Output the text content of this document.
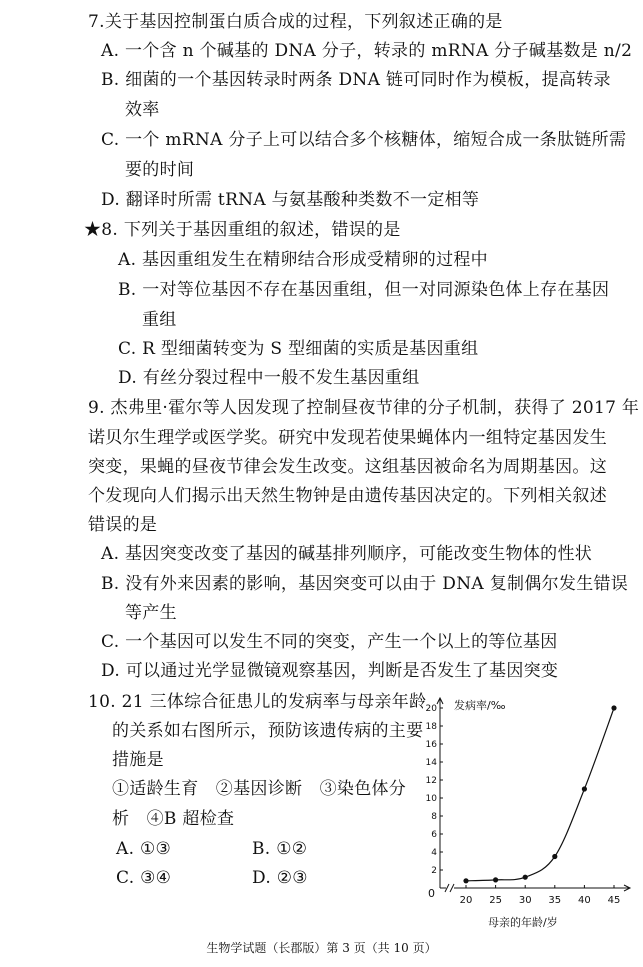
7.关于基因控制蛋白质合成的过程，下列叙述正确的是
A. 一个含 n 个碱基的 DNA 分子，转录的 mRNA 分子碱基数是 n/2
B. 细菌的一个基因转录时两条 DNA 链可同时作为模板，提高转录
效率
C. 一个 mRNA 分子上可以结合多个核糖体，缩短合成一条肽链所需
要的时间
D. 翻译时所需 tRNA 与氨基酸种类数不一定相等
★8. 下列关于基因重组的叙述，错误的是
A. 基因重组发生在精卵结合形成受精卵的过程中
B. 一对等位基因不存在基因重组，但一对同源染色体上存在基因
重组
C. R 型细菌转变为 S 型细菌的实质是基因重组
D. 有丝分裂过程中一般不发生基因重组
9. 杰弗里·霍尔等人因发现了控制昼夜节律的分子机制，获得了 2017 年
诺贝尔生理学或医学奖。研究中发现若使果蝇体内一组特定基因发生
突变，果蝇的昼夜节律会发生改变。这组基因被命名为周期基因。这
个发现向人们揭示出天然生物钟是由遗传基因决定的。下列相关叙述
错误的是
A. 基因突变改变了基因的碱基排列顺序，可能改变生物体的性状
B. 没有外来因素的影响，基因突变可以由于 DNA 复制偶尔发生错误
等产生
C. 一个基因可以发生不同的突变，产生一个以上的等位基因
D. 可以通过光学显微镜观察基因，判断是否发生了基因突变
10. 21 三体综合征患儿的发病率与母亲年龄
的关系如右图所示，预防该遗传病的主要
措施是
①适龄生育　②基因诊断　③染色体分
析　④B 超检查
A. ①③	B. ①②
C. ③④	D. ②③	2
4
6
8
10
12
14
16
18
20
20 25 30 35 40 45
发病率/‰
母亲的年龄/岁
0
生物学试题（长郡版）第 3 页（共 10 页）
